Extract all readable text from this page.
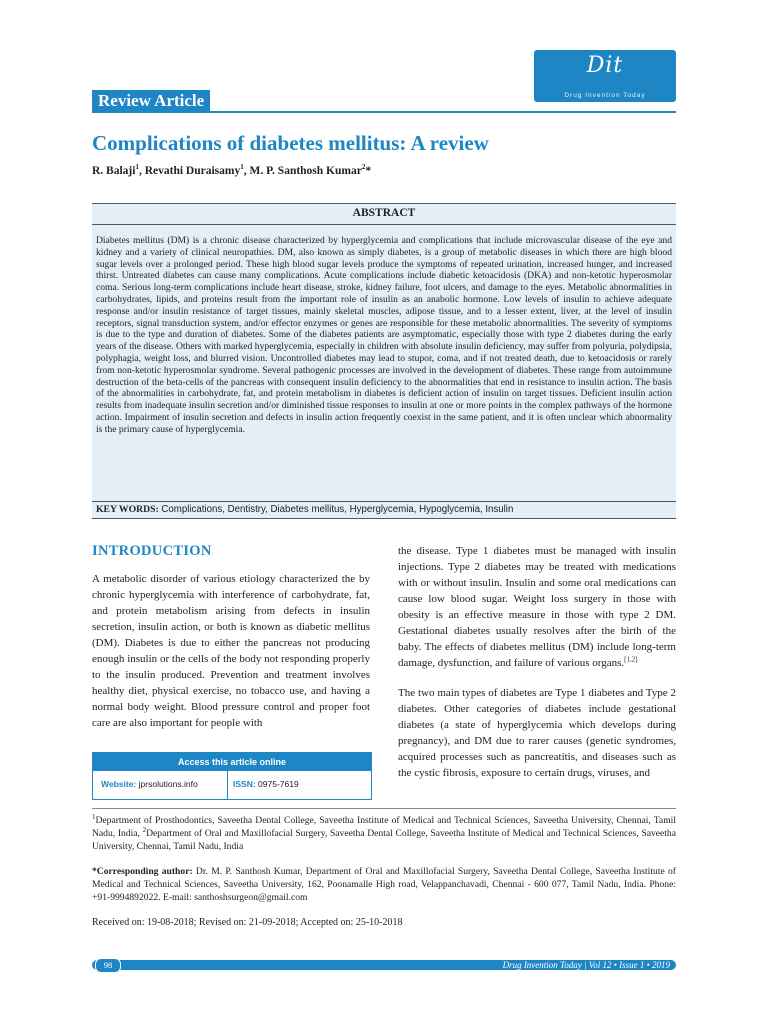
Dit
Drug Invention Today
Review Article
Complications of diabetes mellitus: A review
R. Balaji$^1$, Revathi Duraisamy$^1$, M. P. Santhosh Kumar$^2$*
ABSTRACT
Diabetes mellitus (DM) is a chronic disease characterized by hyperglycemia and complications that include microvascular disease of the eye and kidney and a variety of clinical neuropathies. DM, also known as simply diabetes, is a group of metabolic diseases in which there are high blood sugar levels over a prolonged period. These high blood sugar levels produce the symptoms of repeated urination, increased hunger, and increased thirst. Untreated diabetes can cause many complications. Acute complications include diabetic ketoacidosis (DKA) and non-ketotic hyperosmolar coma. Serious long-term complications include heart disease, stroke, kidney failure, foot ulcers, and damage to the eyes. Metabolic abnormalities in carbohydrates, lipids, and proteins result from the important role of insulin as an anabolic hormone. Low levels of insulin to achieve adequate response and/or insulin resistance of target tissues, mainly skeletal muscles, adipose tissue, and to a lesser extent, liver, at the level of insulin receptors, signal transduction system, and/or effector enzymes or genes are responsible for these metabolic abnormalities. The severity of symptoms is due to the type and duration of diabetes. Some of the diabetes patients are asymptomatic, especially those with type 2 diabetes during the early years of the disease. Others with marked hyperglycemia, especially in children with absolute insulin deficiency, may suffer from polyuria, polydipsia, polyphagia, weight loss, and blurred vision. Uncontrolled diabetes may lead to stupor, coma, and if not treated death, due to ketoacidosis or rarely from non-ketotic hyperosmolar syndrome. Several pathogenic processes are involved in the development of diabetes. These range from autoimmune destruction of the beta-cells of the pancreas with consequent insulin deficiency to the abnormalities that end in resistance to insulin action. The basis of the abnormalities in carbohydrate, fat, and protein metabolism in diabetes is deficient action of insulin on target tissues. Deficient insulin action results from inadequate insulin secretion and/or diminished tissue responses to insulin at one or more points in the complex pathways of the hormone action. Impairment of insulin secretion and defects in insulin action frequently coexist in the same patient, and it is often unclear which abnormality is the primary cause of hyperglycemia.
KEY WORDS: Complications, Dentistry, Diabetes mellitus, Hyperglycemia, Hypoglycemia, Insulin
INTRODUCTION
A metabolic disorder of various etiology characterized the by chronic hyperglycemia with interference of carbohydrate, fat, and protein metabolism arising from defects in insulin secretion, insulin action, or both is known as diabetic mellitus (DM). Diabetes is due to either the pancreas not producing enough insulin or the cells of the body not responding properly to the insulin produced. Prevention and treatment involves healthy diet, physical exercise, no tobacco use, and having a normal body weight. Blood pressure control and proper foot care are also important for people with

the disease. Type 1 diabetes must be managed with insulin injections. Type 2 diabetes may be treated with medications with or without insulin. Insulin and some oral medications can cause low blood sugar. Weight loss surgery in those with obesity is an effective measure in those with type 2 DM. Gestational diabetes usually resolves after the birth of the baby. The effects of diabetes mellitus (DM) include long-term damage, dysfunction, and failure of various organs.[1,2]

The two main types of diabetes are Type 1 diabetes and Type 2 diabetes. Other categories of diabetes include gestational diabetes (a state of hyperglycemia which develops during pregnancy), and DM due to rarer causes (genetic syndromes, acquired processes such as pancreatitis, and diseases such as the cystic fibrosis, exposure to certain drugs, viruses, and

Access this article online
Website: jprsolutions.info	ISSN: 0975-7619
$^1$Department of Prosthodontics, Saveetha Dental College, Saveetha Institute of Medical and Technical Sciences, Saveetha University, Chennai, Tamil Nadu, India, $^2$Department of Oral and Maxillofacial Surgery, Saveetha Dental College, Saveetha Institute of Medical and Technical Sciences, Saveetha University, Chennai, Tamil Nadu, India
*Corresponding author: Dr. M. P. Santhosh Kumar, Department of Oral and Maxillofacial Surgery, Saveetha Dental College, Saveetha Institute of Medical and Technical Sciences, Saveetha University, 162, Poonamalle High road, Velappanchavadi, Chennai - 600 077, Tamil Nadu, India. Phone: +91-9994892022. E-mail: santhoshsurgeon@gmail.com
Received on: 19-08-2018; Revised on: 21-09-2018; Accepted on: 25-10-2018
98	Drug Invention Today | Vol 12 • Issue 1 • 2019
